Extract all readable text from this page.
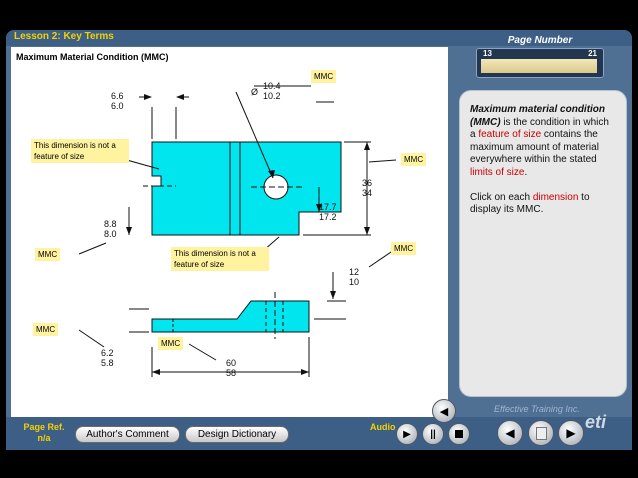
Lesson 2: Key Terms	Page Number
13	21
Maximum Material Condition (MMC)
This dimension is not a feature of size
This dimension is not a feature of size
MMC
MMC
MMC
MMC
MMC
MMC
6.6
6.0
Ø
10.4
10.2
36
34
17.7
17.2
8.8
8.0
12
10
6.2
5.8	60
58
Maximum material condition (MMC) is the condition in which a feature of size contains the maximum amount of material everywhere within the stated limits of size.

Click on each dimension to display its MMC.
Page Ref.
n/a	Author's Comment	Design Dictionary
Audio
◀
▶ ||	◀	▶
Effective Training Inc.
eti
